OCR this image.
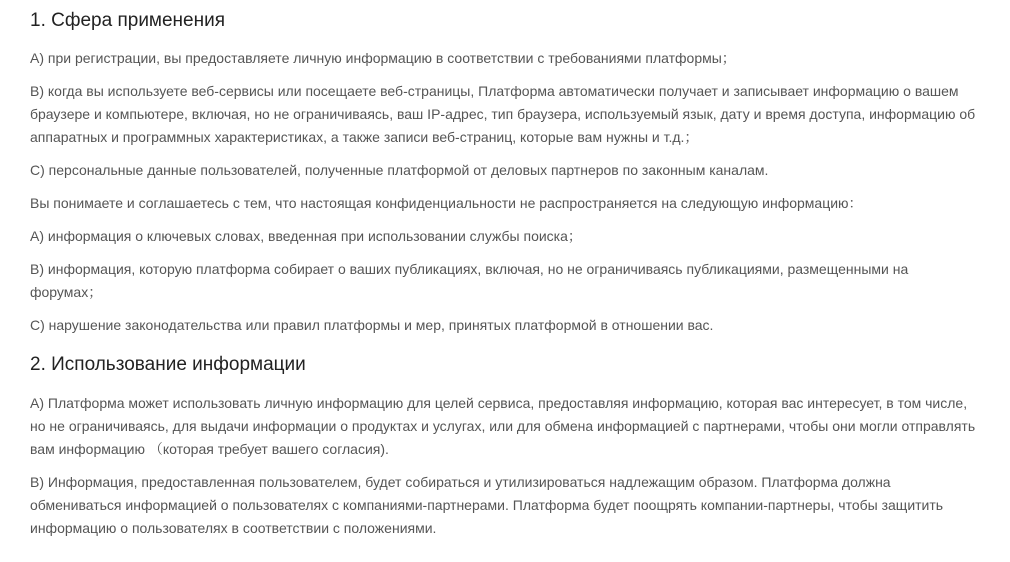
1. Сфера применения

A) при регистрации, вы предоставляете личную информацию в соответствии с требованиями платформы；

B) когда вы используете веб-сервисы или посещаете веб-страницы, Платформа автоматически получает и записывает информацию о вашем браузере и компьютере, включая, но не ограничиваясь, ваш IP-адрес, тип браузера, используемый язык, дату и время доступа, информацию об аппаратных и программных характеристиках, а также записи веб-страниц, которые вам нужны и т.д.；

C) персональные данные пользователей, полученные платформой от деловых партнеров по законным каналам.

Вы понимаете и соглашаетесь с тем, что настоящая конфиденциальности не распространяется на следующую информацию：

A) информация о ключевых словах, введенная при использовании службы поиска；

B) информация, которую платформа собирает о ваших публикациях, включая, но не ограничиваясь публикациями, размещенными на форумах；

C) нарушение законодательства или правил платформы и мер, принятых платформой в отношении вас.

2. Использование информации

A) Платформа может использовать личную информацию для целей сервиса, предоставляя информацию, которая вас интересует, в том числе, но не ограничиваясь, для выдачи информации о продуктах и услугах, или для обмена информацией с партнерами, чтобы они могли отправлять вам информацию （которая требует вашего согласия).

B) Информация, предоставленная пользователем, будет собираться и утилизироваться надлежащим образом. Платформа должна обмениваться информацией о пользователях с компаниями-партнерами. Платформа будет поощрять компании-партнеры, чтобы защитить информацию о пользователях в соответствии с положениями.
